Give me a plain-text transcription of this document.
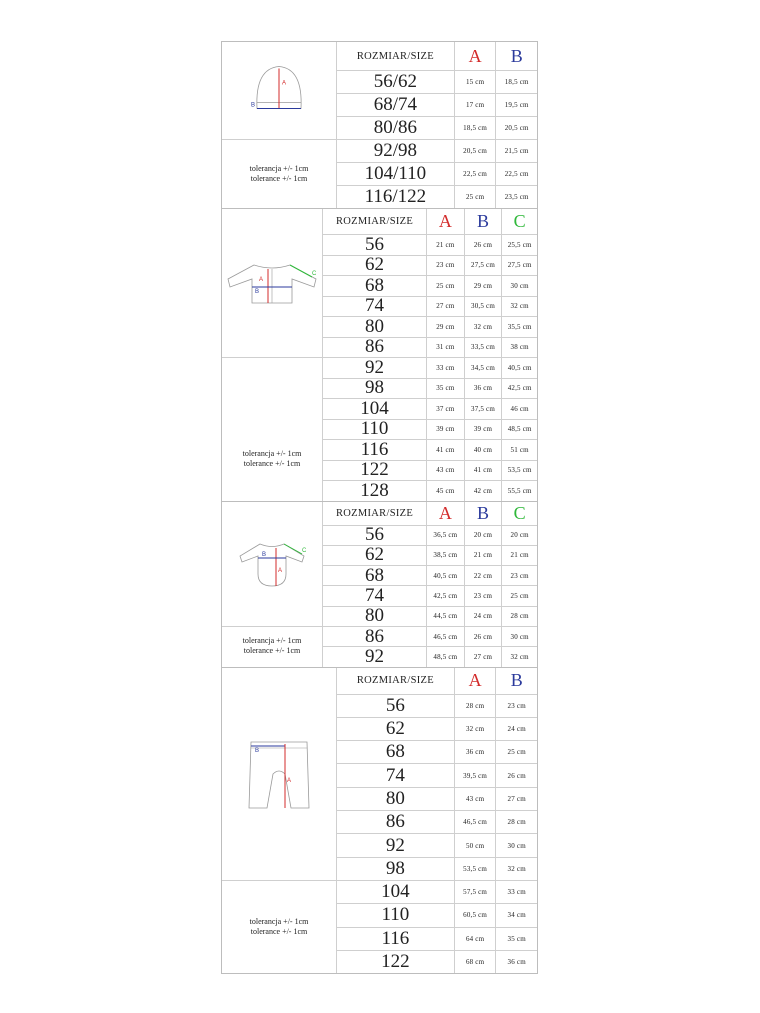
ROZMIAR/SIZE	A	B
56/62	15 cm	18,5 cm
68/74	17 cm	19,5 cm
80/86	18,5 cm	20,5 cm
92/98	20,5 cm	21,5 cm
104/110	22,5 cm	22,5 cm
116/122	25 cm	23,5 cm
A
B
tolerancja +/- 1cm
tolerance +/- 1cm
ROZMIAR/SIZE	A	B	C
56	21 cm	26 cm	25,5 cm
62	23 cm	27,5 cm	27,5 cm
68	25 cm	29 cm	30 cm
74	27 cm	30,5 cm	32 cm
80	29 cm	32 cm	35,5 cm
86	31 cm	33,5 cm	38 cm
92	33 cm	34,5 cm	40,5 cm
98	35 cm	36 cm	42,5 cm
104	37 cm	37,5 cm	46 cm
110	39 cm	39 cm	48,5 cm
116	41 cm	40 cm	51 cm
122	43 cm	41 cm	53,5 cm
128	45 cm	42 cm	55,5 cm
A
B
C
tolerancja +/- 1cm
tolerance +/- 1cm
ROZMIAR/SIZE	A	B	C
56	36,5 cm	20 cm	20 cm
62	38,5 cm	21 cm	21 cm
68	40,5 cm	22 cm	23 cm
74	42,5 cm	23 cm	25 cm
80	44,5 cm	24 cm	28 cm
86	46,5 cm	26 cm	30 cm
92	48,5 cm	27 cm	32 cm
A
B
C
tolerancja +/- 1cm
tolerance +/- 1cm
ROZMIAR/SIZE	A	B
56	28 cm	23 cm
62	32 cm	24 cm
68	36 cm	25 cm
74	39,5 cm	26 cm
80	43 cm	27 cm
86	46,5 cm	28 cm
92	50 cm	30 cm
98	53,5 cm	32 cm
104	57,5 cm	33 cm
110	60,5 cm	34 cm
116	64 cm	35 cm
122	68 cm	36 cm
A
B
tolerancja +/- 1cm
tolerance +/- 1cm
